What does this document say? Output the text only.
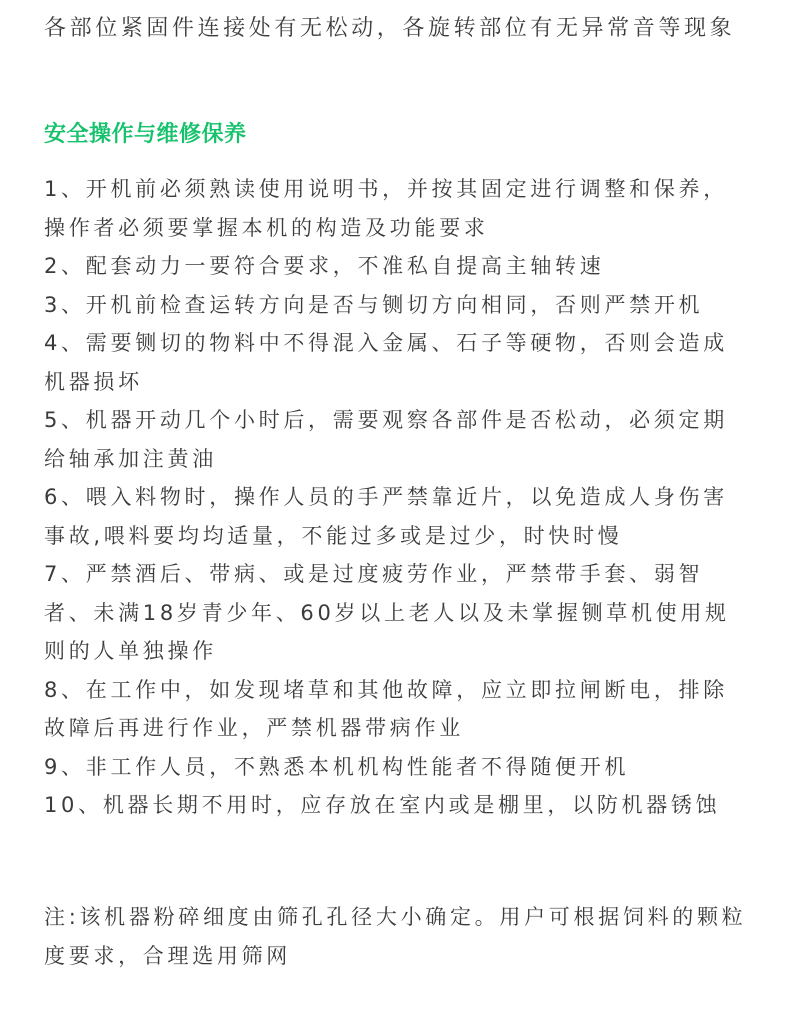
各部位紧固件连接处有无松动，各旋转部位有无异常音等现象

安全操作与维修保养
1、开机前必须熟读使用说明书，并按其固定进行调整和保养，操作者必须要掌握本机的构造及功能要求
2、配套动力一要符合要求，不准私自提高主轴转速
3、开机前检查运转方向是否与铡切方向相同，否则严禁开机
4、需要铡切的物料中不得混入金属、石子等硬物，否则会造成机器损坏
5、机器开动几个小时后，需要观察各部件是否松动，必须定期给轴承加注黄油
6、喂入料物时，操作人员的手严禁靠近片，以免造成人身伤害事故,喂料要均均适量，不能过多或是过少，时快时慢
7、严禁酒后、带病、或是过度疲劳作业，严禁带手套、弱智者、未满18岁青少年、60岁以上老人以及未掌握铡草机使用规则的人单独操作
8、在工作中，如发现堵草和其他故障，应立即拉闸断电，排除故障后再进行作业，严禁机器带病作业
9、非工作人员，不熟悉本机机构性能者不得随便开机
10、机器长期不用时，应存放在室内或是棚里，以防机器锈蚀

注:该机器粉碎细度由筛孔孔径大小确定。用户可根据饲料的颗粒度要求，合理选用筛网
